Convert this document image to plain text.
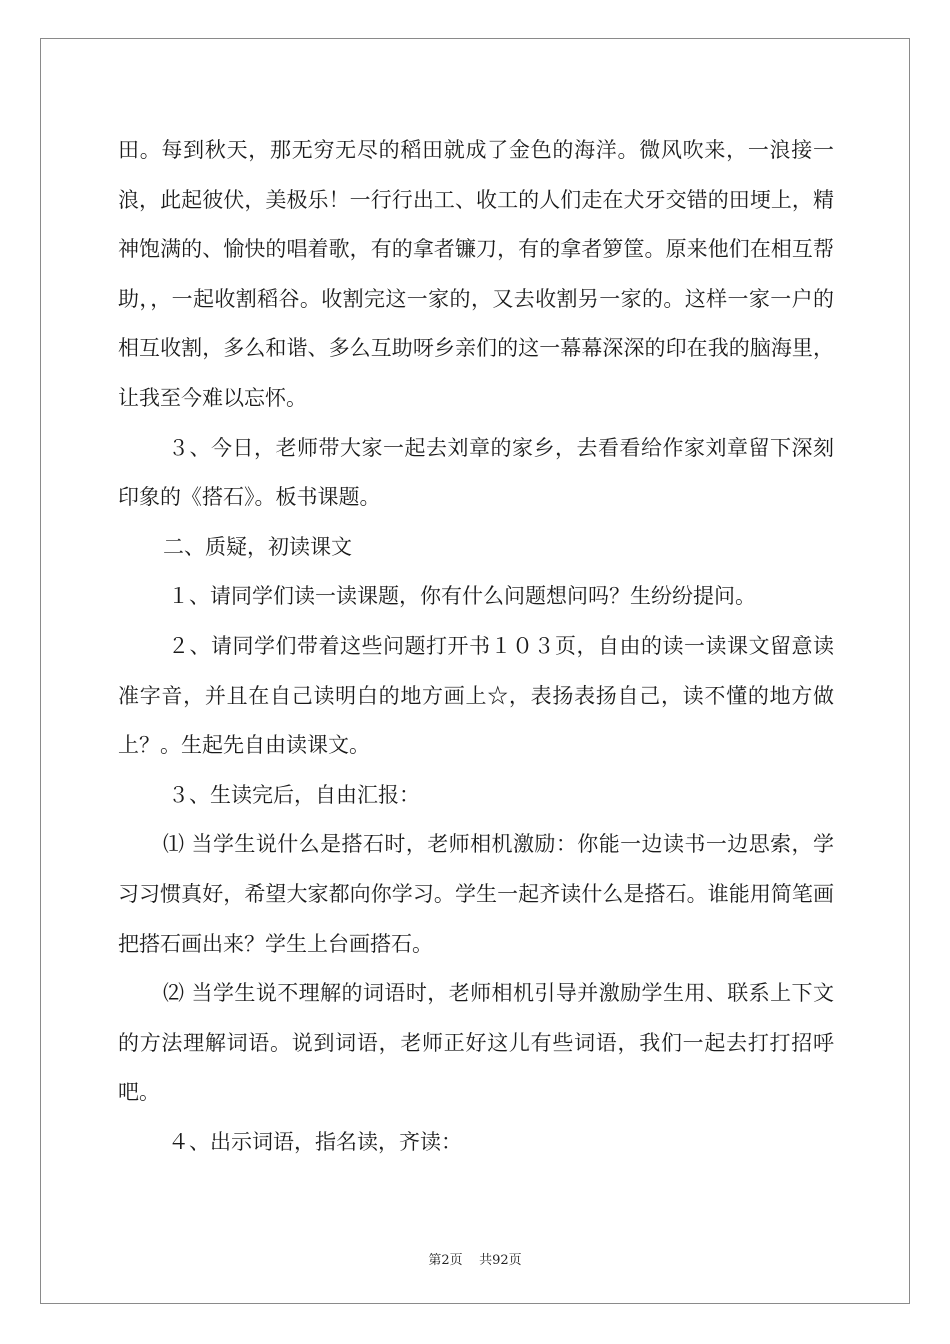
田。每到秋天，那无穷无尽的稻田就成了金色的海洋。微风吹来，一浪接一浪，此起彼伏，美极乐！一行行出工、收工的人们走在犬牙交错的田埂上，精神饱满的、愉快的唱着歌，有的拿者镰刀，有的拿者箩筐。原来他们在相互帮助，，一起收割稻谷。收割完这一家的，又去收割另一家的。这样一家一户的相互收割，多么和谐、多么互助呀乡亲们的这一幕幕深深的印在我的脑海里，让我至今难以忘怀。

３、今日，老师带大家一起去刘章的家乡，去看看给作家刘章留下深刻印象的《搭石》。板书课题。

二、质疑，初读课文

１、请同学们读一读课题，你有什么问题想问吗？生纷纷提问。

２、请同学们带着这些问题打开书１０３页，自由的读一读课文留意读准字音，并且在自己读明白的地方画上☆，表扬表扬自己，读不懂的地方做上？。生起先自由读课文。

３、生读完后，自由汇报：

⑴ 当学生说什么是搭石时，老师相机激励：你能一边读书一边思索，学习习惯真好，希望大家都向你学习。学生一起齐读什么是搭石。谁能用简笔画把搭石画出来？学生上台画搭石。

⑵ 当学生说不理解的词语时，老师相机引导并激励学生用、联系上下文的方法理解词语。说到词语，老师正好这儿有些词语，我们一起去打打招呼吧。

４、出示词语，指名读，齐读：

第2页 共92页
